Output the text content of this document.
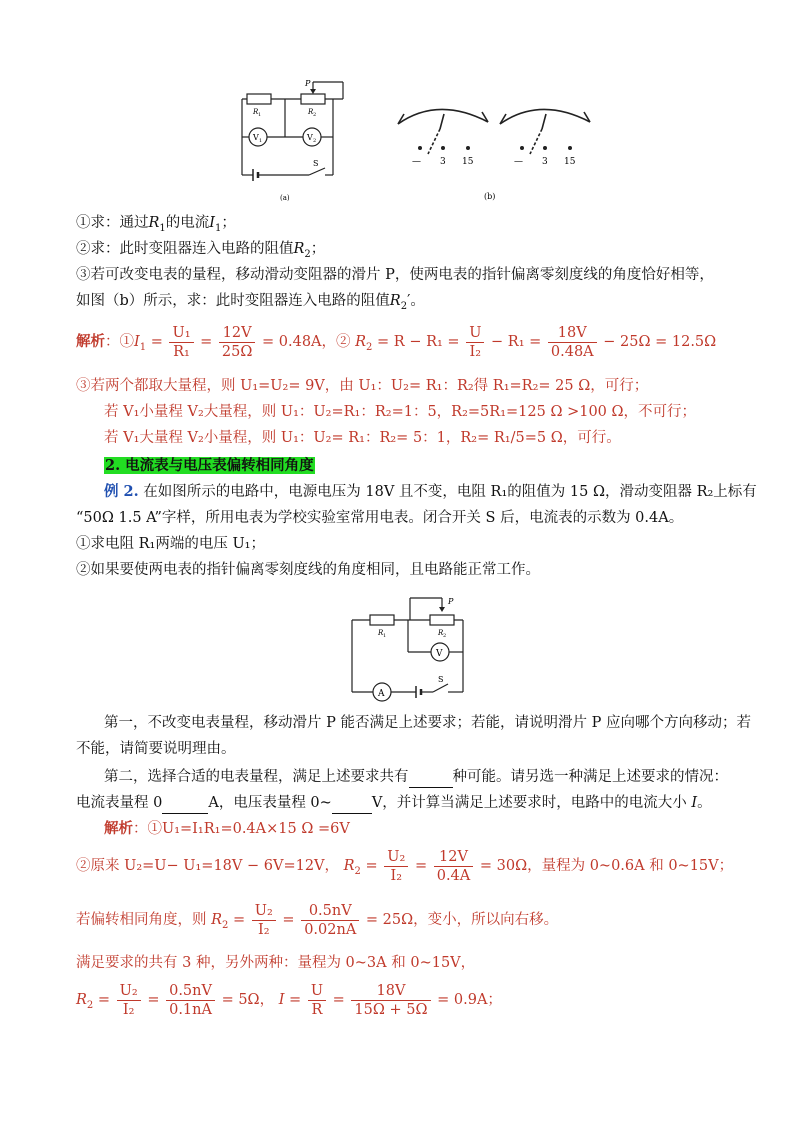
P
R 1	R 2
V 1	V 2
S
(a)
— 3 15	— 3 15
(b)
①求：通过$R_1$的电流$I_1$；
②求：此时变阻器连入电路的阻值$R_2$；
③若可改变电表的量程，移动滑动变阻器的滑片 P，使两电表的指针偏离零刻度线的角度恰好相等，
如图（b）所示，求：此时变阻器连入电路的阻值$R_2'$。
解析：$①I_1 = \frac{\text{U₁}}{\text{R₁}} = \frac{12V}{25\Omega} = 0.48A$，② $R_2 = R - R_1 = \frac{U}{\text{I₂}} - R_1 = \frac{18V}{0.48A} - 25\Omega = 12.5\Omega$
③若两个都取大量程，则 U₁=U₂= 9V，由 U₁：U₂= R₁：R₂得 R₁=R₂= 25 Ω，可行；
若 V₁小量程 V₂大量程，则 U₁：U₂=R₁：R₂=1：5，R₂=5R₁=125 Ω >100 Ω，不可行；
若 V₁大量程 V₂小量程，则 U₁：U₂= R₁：R₂= 5：1，R₂= R₁/5=5 Ω，可行。
2. 电流表与电压表偏转相同角度
例 2. 在如图所示的电路中，电源电压为 18V 且不变，电阻 R₁的阻值为 15 Ω，滑动变阻器 R₂上标有
“50Ω 1.5 A”字样，所用电表为学校实验室常用电表。闭合开关 S 后，电流表的示数为 0.4A。
①求电阻 R₁两端的电压 U₁；
②如果要使两电表的指针偏离零刻度线的角度相同，且电路能正常工作。
R 1	R 2
P
V
A
S
第一，不改变电表量程，移动滑片 P 能否满足上述要求；若能，请说明滑片 P 应向哪个方向移动；若
不能，请简要说明理由。
第二，选择合适的电表量程，满足上述要求共有	种可能。请另选一种满足上述要求的情况：
电流表量程 0	A，电压表量程 0~	V，并计算当满足上述要求时，电路中的电流大小 I。
解析：①U₁=I₁R₁=0.4A×15 Ω =6V
②原来 U₂=U− U₁=18V − 6V=12V， $R_2 = \frac{\text{U₂}}{\text{I₂}} = \frac{12V}{0.4A} = 30\Omega$，量程为 0~0.6A 和 0~15V；
若偏转相同角度，则 $R_2 = \frac{\text{U₂}}{\text{I₂}} = \frac{0.5nV}{0.02nA} = 25\Omega$，变小，所以向右移。
满足要求的共有 3 种，另外两种：量程为 0~3A 和 0~15V，
$R_2 = \frac{\text{U₂}}{\text{I₂}} = \frac{0.5nV}{0.1nA} = 5\Omega$， $I = \frac{U}{R} = \frac{18V}{15\Omega + 5\Omega} = 0.9A$；
